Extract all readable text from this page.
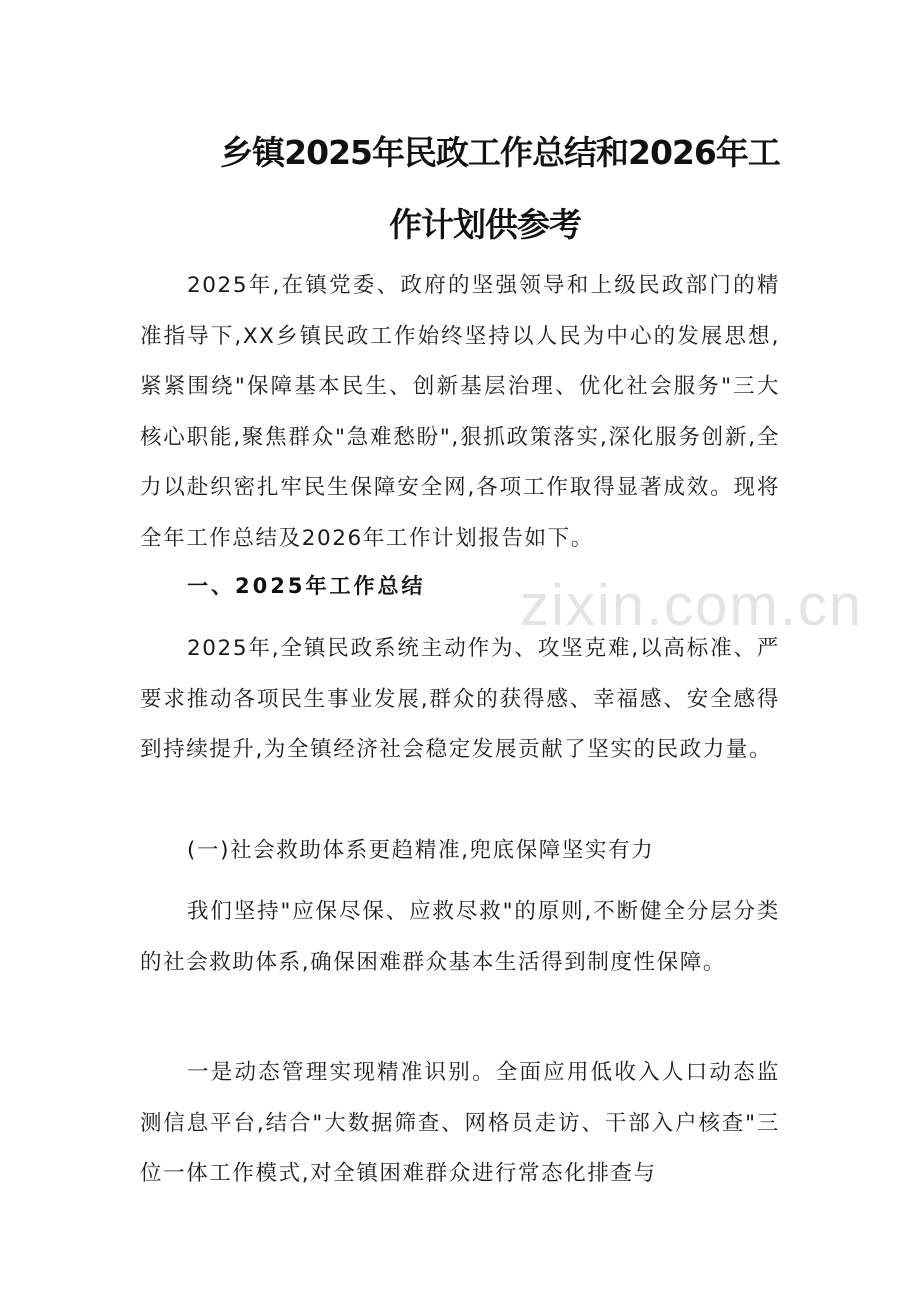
乡镇2025年民政工作总结和2026年工
作计划供参考

2025年,在镇党委、政府的坚强领导和上级民政部门的精准指导下,XX乡镇民政工作始终坚持以人民为中心的发展思想,紧紧围绕"保障基本民生、创新基层治理、优化社会服务"三大核心职能,聚焦群众"急难愁盼",狠抓政策落实,深化服务创新,全力以赴织密扎牢民生保障安全网,各项工作取得显著成效。现将全年工作总结及2026年工作计划报告如下。

一、2025年工作总结

2025年,全镇民政系统主动作为、攻坚克难,以高标准、严要求推动各项民生事业发展,群众的获得感、幸福感、安全感得到持续提升,为全镇经济社会稳定发展贡献了坚实的民政力量。

(一)社会救助体系更趋精准,兜底保障坚实有力

我们坚持"应保尽保、应救尽救"的原则,不断健全分层分类的社会救助体系,确保困难群众基本生活得到制度性保障。

一是动态管理实现精准识别。全面应用低收入人口动态监测信息平台,结合"大数据筛查、网格员走访、干部入户核查"三位一体工作模式,对全镇困难群众进行常态化排查与

zixin.com.cn
